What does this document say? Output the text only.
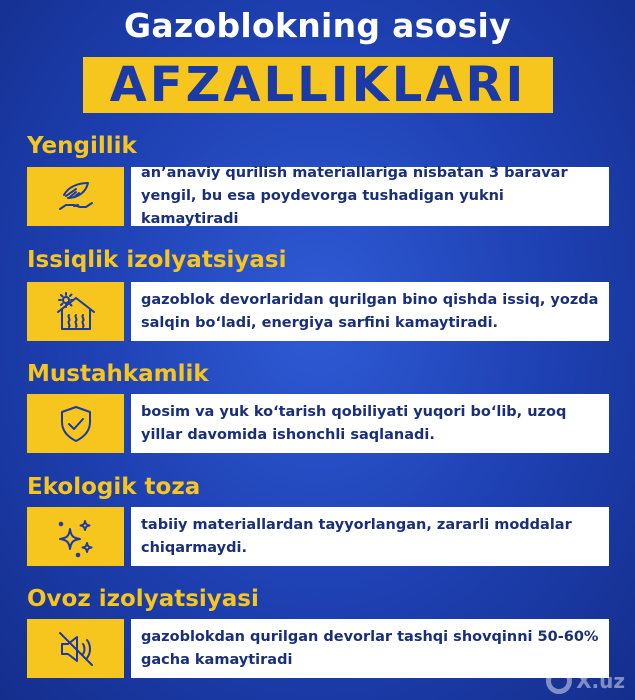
Gazoblokning asosiy
AFZALLIKLARI
Yengillik
an’anaviy qurilish materiallariga nisbatan 3 baravar yengil, bu esa poydevorga tushadigan yukni kamaytiradi
Issiqlik izolyatsiyasi
gazoblok devorlaridan qurilgan bino qishda issiq, yozda salqin bo‘ladi, energiya sarfini kamaytiradi.
Mustahkamlik
bosim va yuk ko‘tarish qobiliyati yuqori bo‘lib, uzoq yillar davomida ishonchli saqlanadi.
Ekologik toza
tabiiy materiallardan tayyorlangan, zararli moddalar chiqarmaydi.
Ovoz izolyatsiyasi
gazoblokdan qurilgan devorlar tashqi shovqinni 50-60% gacha kamaytiradi
X.uz
